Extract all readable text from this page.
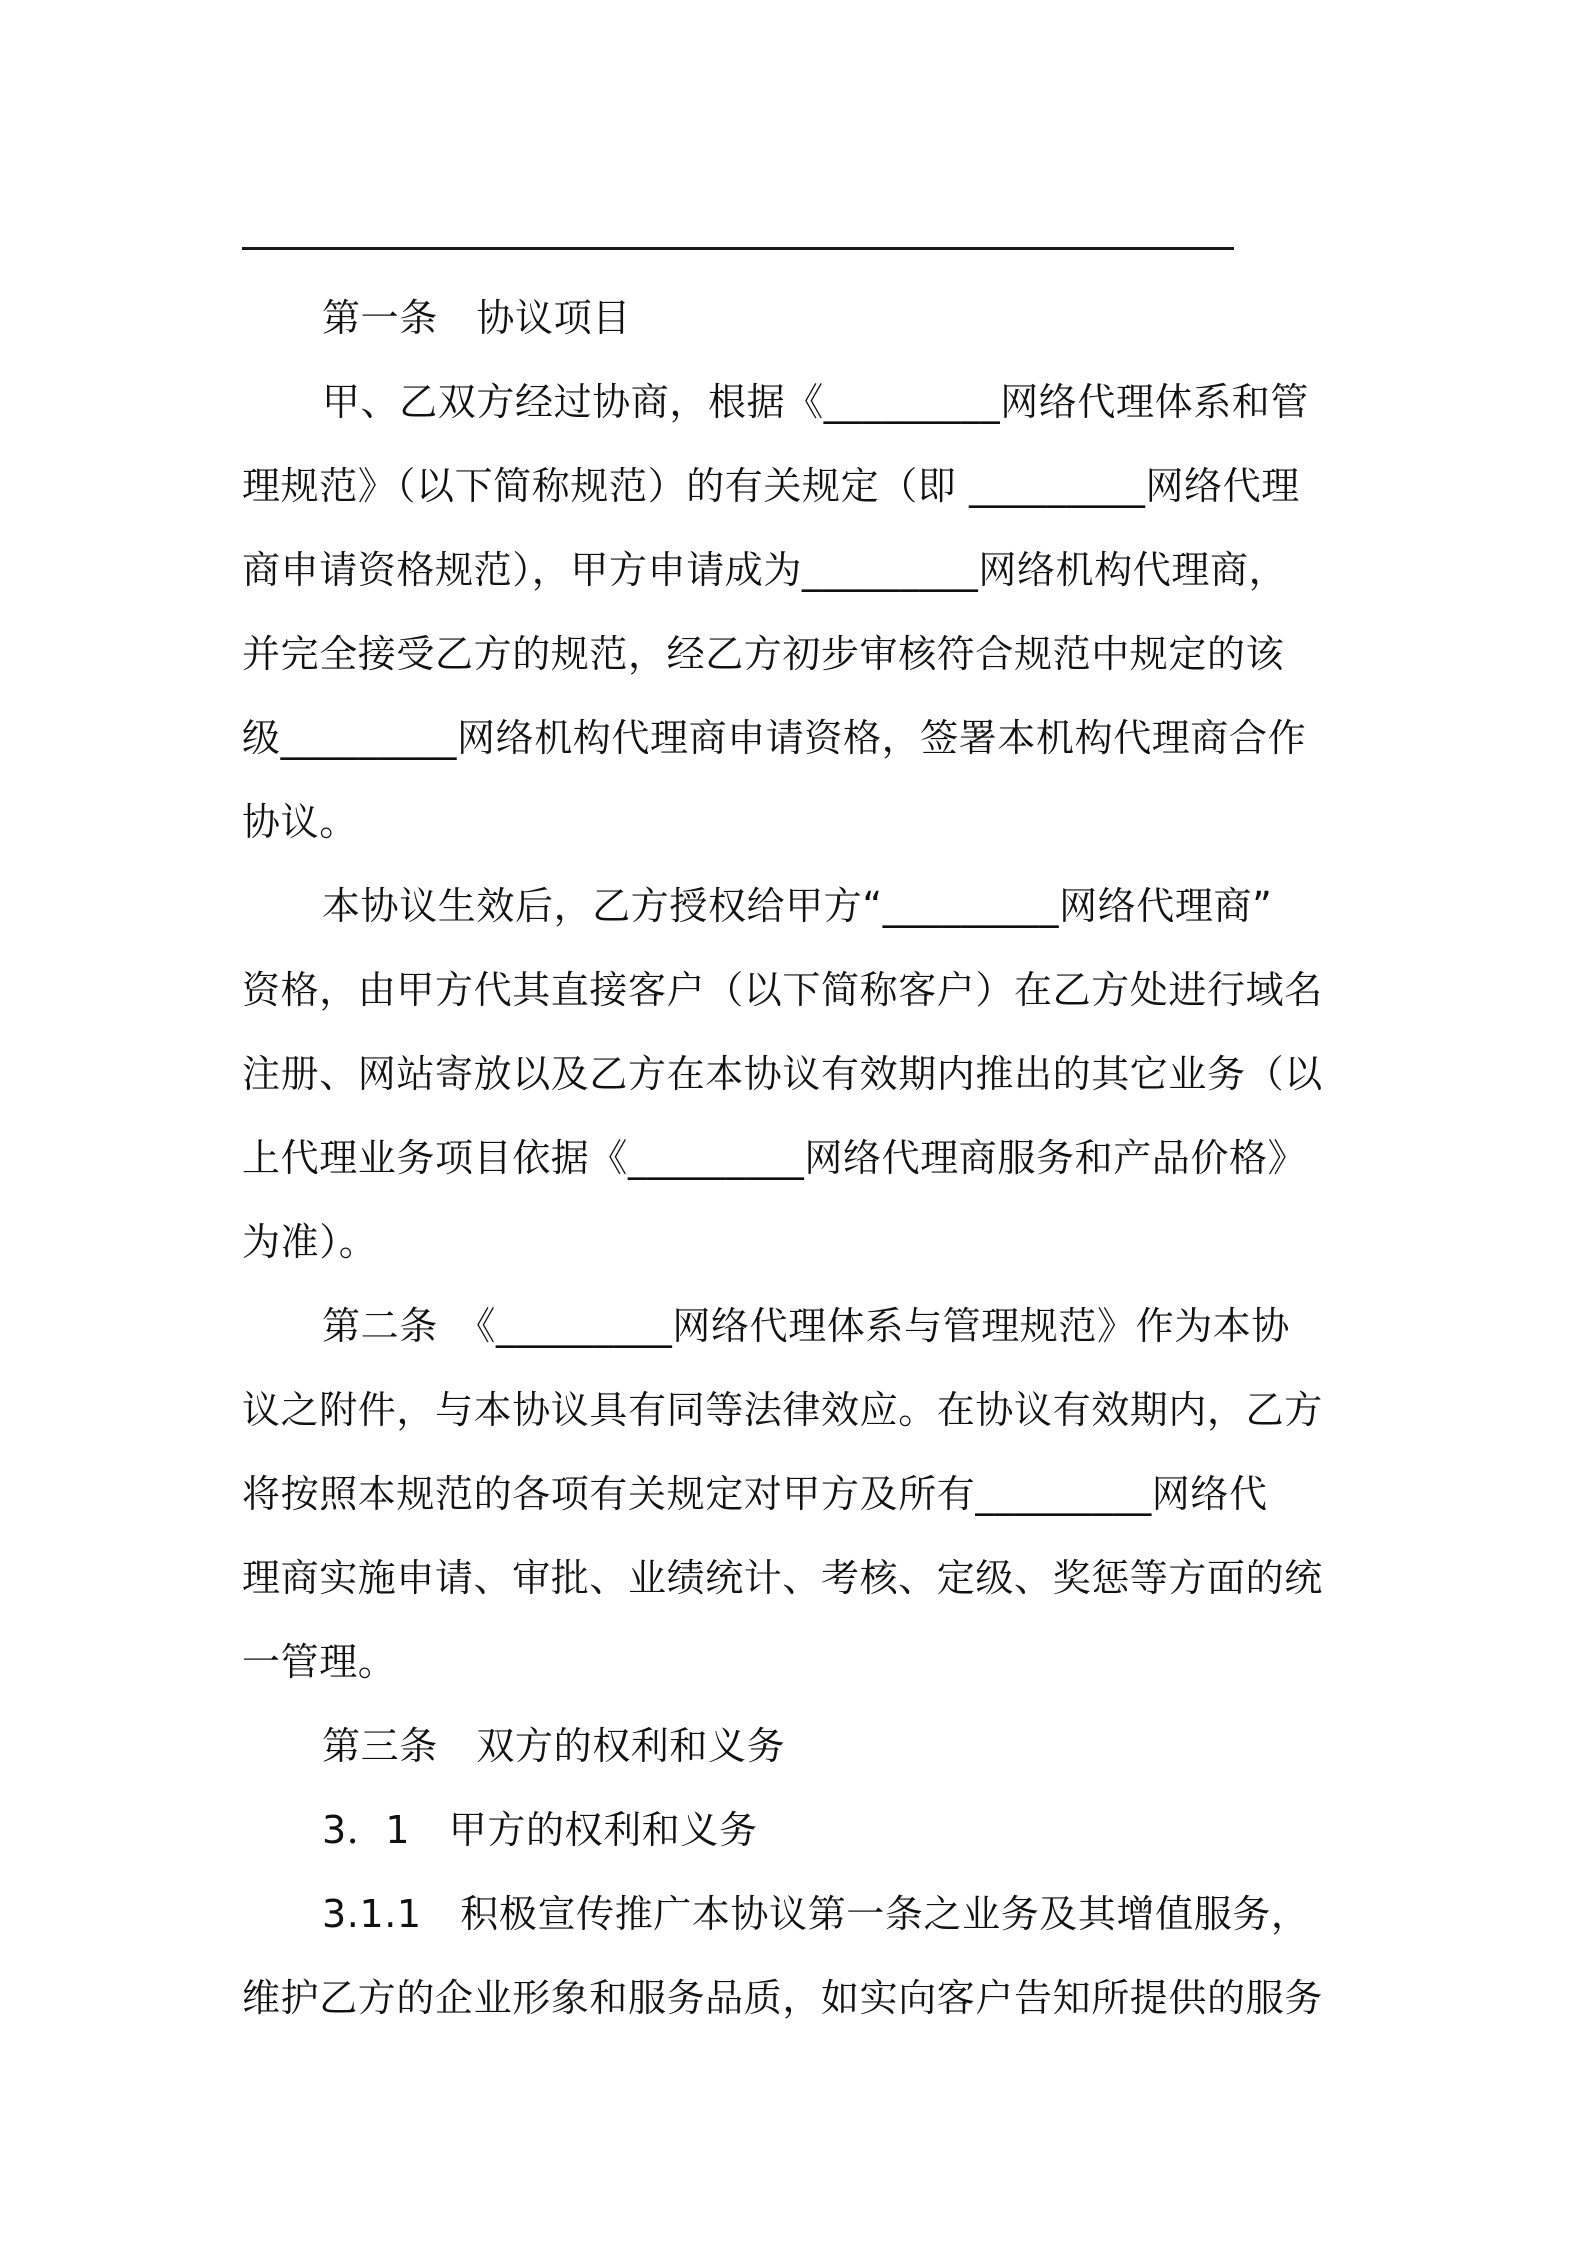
第一条　协议项目
甲、乙双方经过协商，根据《_________网络代理体系和管
理规范》（以下简称规范）的有关规定（即 _________网络代理
商申请资格规范），甲方申请成为_________网络机构代理商，
并完全接受乙方的规范，经乙方初步审核符合规范中规定的该
级_________网络机构代理商申请资格，签署本机构代理商合作
协议。
本协议生效后，乙方授权给甲方“_________网络代理商”
资格，由甲方代其直接客户（以下简称客户）在乙方处进行域名
注册、网站寄放以及乙方在本协议有效期内推出的其它业务（以
上代理业务项目依据《_________网络代理商服务和产品价格》
为准）。
第二条　《_________网络代理体系与管理规范》作为本协
议之附件，与本协议具有同等法律效应。在协议有效期内，乙方
将按照本规范的各项有关规定对甲方及所有_________网络代
理商实施申请、审批、业绩统计、考核、定级、奖惩等方面的统
一管理。
第三条　双方的权利和义务
3．1　甲方的权利和义务
3.1.1　积极宣传推广本协议第一条之业务及其增值服务，
维护乙方的企业形象和服务品质，如实向客户告知所提供的服务
